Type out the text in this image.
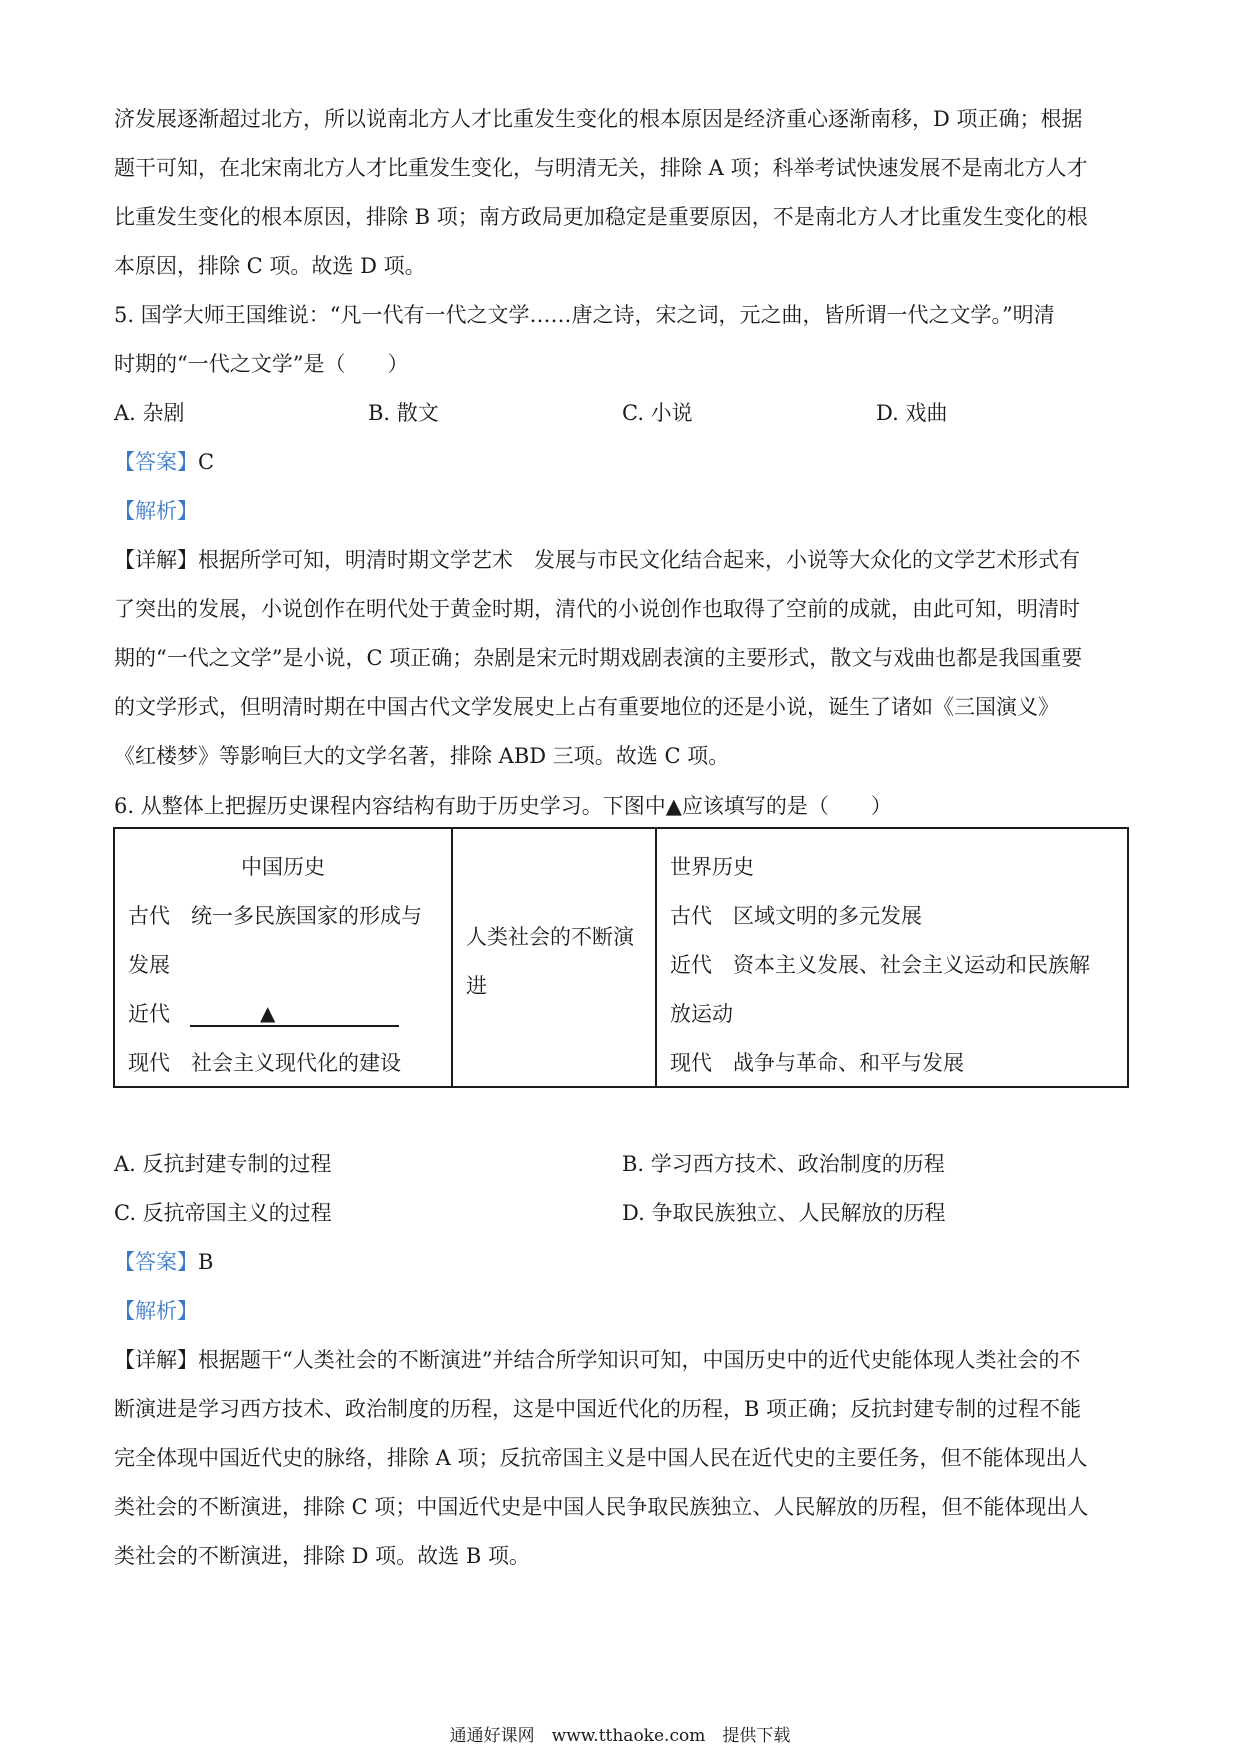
济发展逐渐超过北方，所以说南北方人才比重发生变化的根本原因是经济重心逐渐南移，D 项正确；根据
题干可知，在北宋南北方人才比重发生变化，与明清无关，排除 A 项；科举考试快速发展不是南北方人才
比重发生变化的根本原因，排除 B 项；南方政局更加稳定是重要原因，不是南北方人才比重发生变化的根
本原因，排除 C 项。故选 D 项。
5. 国学大师王国维说：“凡一代有一代之文学……唐之诗，宋之词，元之曲，皆所谓一代之文学。”明清
时期的“一代之文学”是（　　）
A. 杂剧	B. 散文	C. 小说	D. 戏曲
【答案】C
【解析】
【详解】根据所学可知，明清时期文学艺术　发展与市民文化结合起来，小说等大众化的文学艺术形式有
了突出的发展，小说创作在明代处于黄金时期，清代的小说创作也取得了空前的成就，由此可知，明清时
期的“一代之文学”是小说，C 项正确；杂剧是宋元时期戏剧表演的主要形式，散文与戏曲也都是我国重要
的文学形式，但明清时期在中国古代文学发展史上占有重要地位的还是小说，诞生了诸如《三国演义》
《红楼梦》等影响巨大的文学名著，排除 ABD 三项。故选 C 项。
6. 从整体上把握历史课程内容结构有助于历史学习。下图中▲应该填写的是（　　）
中国历史
古代　统一多民族国家的形成与
发展
近代	▲
现代　社会主义现代化的建设

人类社会的不断演
进

世界历史
古代　区域文明的多元发展
近代　资本主义发展、社会主义运动和民族解
放运动
现代　战争与革命、和平与发展
A. 反抗封建专制的过程	B. 学习西方技术、政治制度的历程
C. 反抗帝国主义的过程	D. 争取民族独立、人民解放的历程
【答案】B
【解析】
【详解】根据题干“人类社会的不断演进”并结合所学知识可知，中国历史中的近代史能体现人类社会的不
断演进是学习西方技术、政治制度的历程，这是中国近代化的历程，B 项正确；反抗封建专制的过程不能
完全体现中国近代史的脉络，排除 A 项；反抗帝国主义是中国人民在近代史的主要任务，但不能体现出人
类社会的不断演进，排除 C 项；中国近代史是中国人民争取民族独立、人民解放的历程，但不能体现出人
类社会的不断演进，排除 D 项。故选 B 项。
通通好课网　www.tthaoke.com　提供下载
